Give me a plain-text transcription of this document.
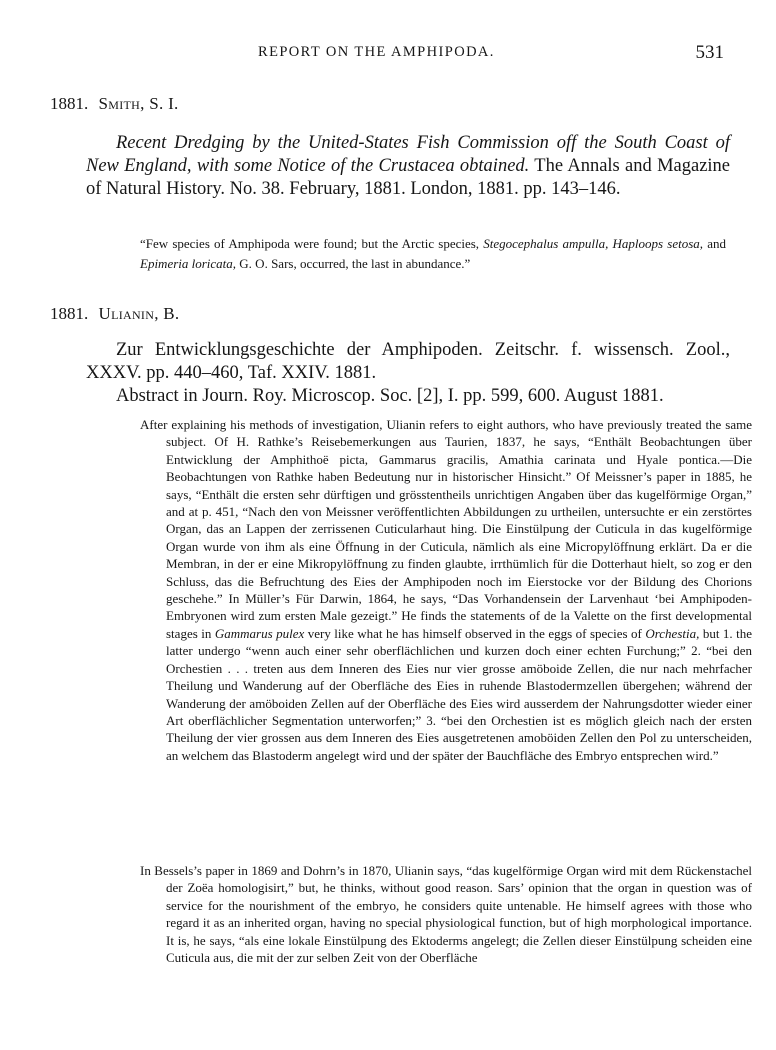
REPORT ON THE AMPHIPODA.	531
1881. Smith, S. I.
Recent Dredging by the United-States Fish Commission off the South Coast of New England, with some Notice of the Crustacea obtained. The Annals and Magazine of Natural History. No. 38. February, 1881. London, 1881. pp. 143–146.
“Few species of Amphipoda were found; but the Arctic species, Stegocephalus ampulla, Haploops setosa, and Epimeria loricata, G. O. Sars, occurred, the last in abundance.”
1881. Ulianin, B.
Zur Entwicklungsgeschichte der Amphipoden. Zeitschr. f. wissensch. Zool., XXXV. pp. 440–460, Taf. XXIV. 1881.
Abstract in Journ. Roy. Microscop. Soc. [2], I. pp. 599, 600. August 1881.
After explaining his methods of investigation, Ulianin refers to eight authors, who have previously treated the same subject. Of H. Rathke’s Reisebemerkungen aus Taurien, 1837, he says, “Enthält Beobachtungen über Entwicklung der Amphithoë picta, Gammarus gracilis, Amathia carinata und Hyale pontica.—Die Beobachtungen von Rathke haben Bedeutung nur in historischer Hinsicht.” Of Meissner’s paper in 1885, he says, “Enthält die ersten sehr dürftigen und grösstentheils unrichtigen Angaben über das kugelförmige Organ,” and at p. 451, “Nach den von Meissner veröffentlichten Abbildungen zu urtheilen, untersuchte er ein zerstörtes Organ, das an Lappen der zerrissenen Cuticularhaut hing. Die Einstülpung der Cuticula in das kugelförmige Organ wurde von ihm als eine Öffnung in der Cuticula, nämlich als eine Micropylöffnung erklärt. Da er die Membran, in der er eine Mikropylöffnung zu finden glaubte, irrthümlich für die Dotterhaut hielt, so zog er den Schluss, das die Befruchtung des Eies der Amphipoden noch im Eierstocke vor der Bildung des Chorions geschehe.” In Müller’s Für Darwin, 1864, he says, “Das Vorhandensein der Larvenhaut ‘bei Amphipoden-Embryonen wird zum ersten Male gezeigt.” He finds the statements of de la Valette on the first developmental stages in Gammarus pulex very like what he has himself observed in the eggs of species of Orchestia, but 1. the latter undergo “wenn auch einer sehr oberflächlichen und kurzen doch einer echten Furchung;” 2. “bei den Orchestien . . . treten aus dem Inneren des Eies nur vier grosse amöboide Zellen, die nur nach mehrfacher Theilung und Wanderung auf der Oberfläche des Eies in ruhende Blastodermzellen übergehen; während der Wanderung der amöboiden Zellen auf der Oberfläche des Eies wird ausserdem der Nahrungsdotter wieder einer Art oberflächlicher Segmentation unterworfen;” 3. “bei den Orchestien ist es möglich gleich nach der ersten Theilung der vier grossen aus dem Inneren des Eies ausgetretenen amoböiden Zellen den Pol zu unterscheiden, an welchem das Blastoderm angelegt wird und der später der Bauchfläche des Embryo entsprechen wird.”
In Bessels’s paper in 1869 and Dohrn’s in 1870, Ulianin says, “das kugelförmige Organ wird mit dem Rückenstachel der Zoëa homologisirt,” but, he thinks, without good reason. Sars’ opinion that the organ in question was of service for the nourishment of the embryo, he considers quite untenable. He himself agrees with those who regard it as an inherited organ, having no special physiological function, but of high morphological importance. It is, he says, “als eine lokale Einstülpung des Ektoderms angelegt; die Zellen dieser Einstülpung scheiden eine Cuticula aus, die mit der zur selben Zeit von der Oberfläche
